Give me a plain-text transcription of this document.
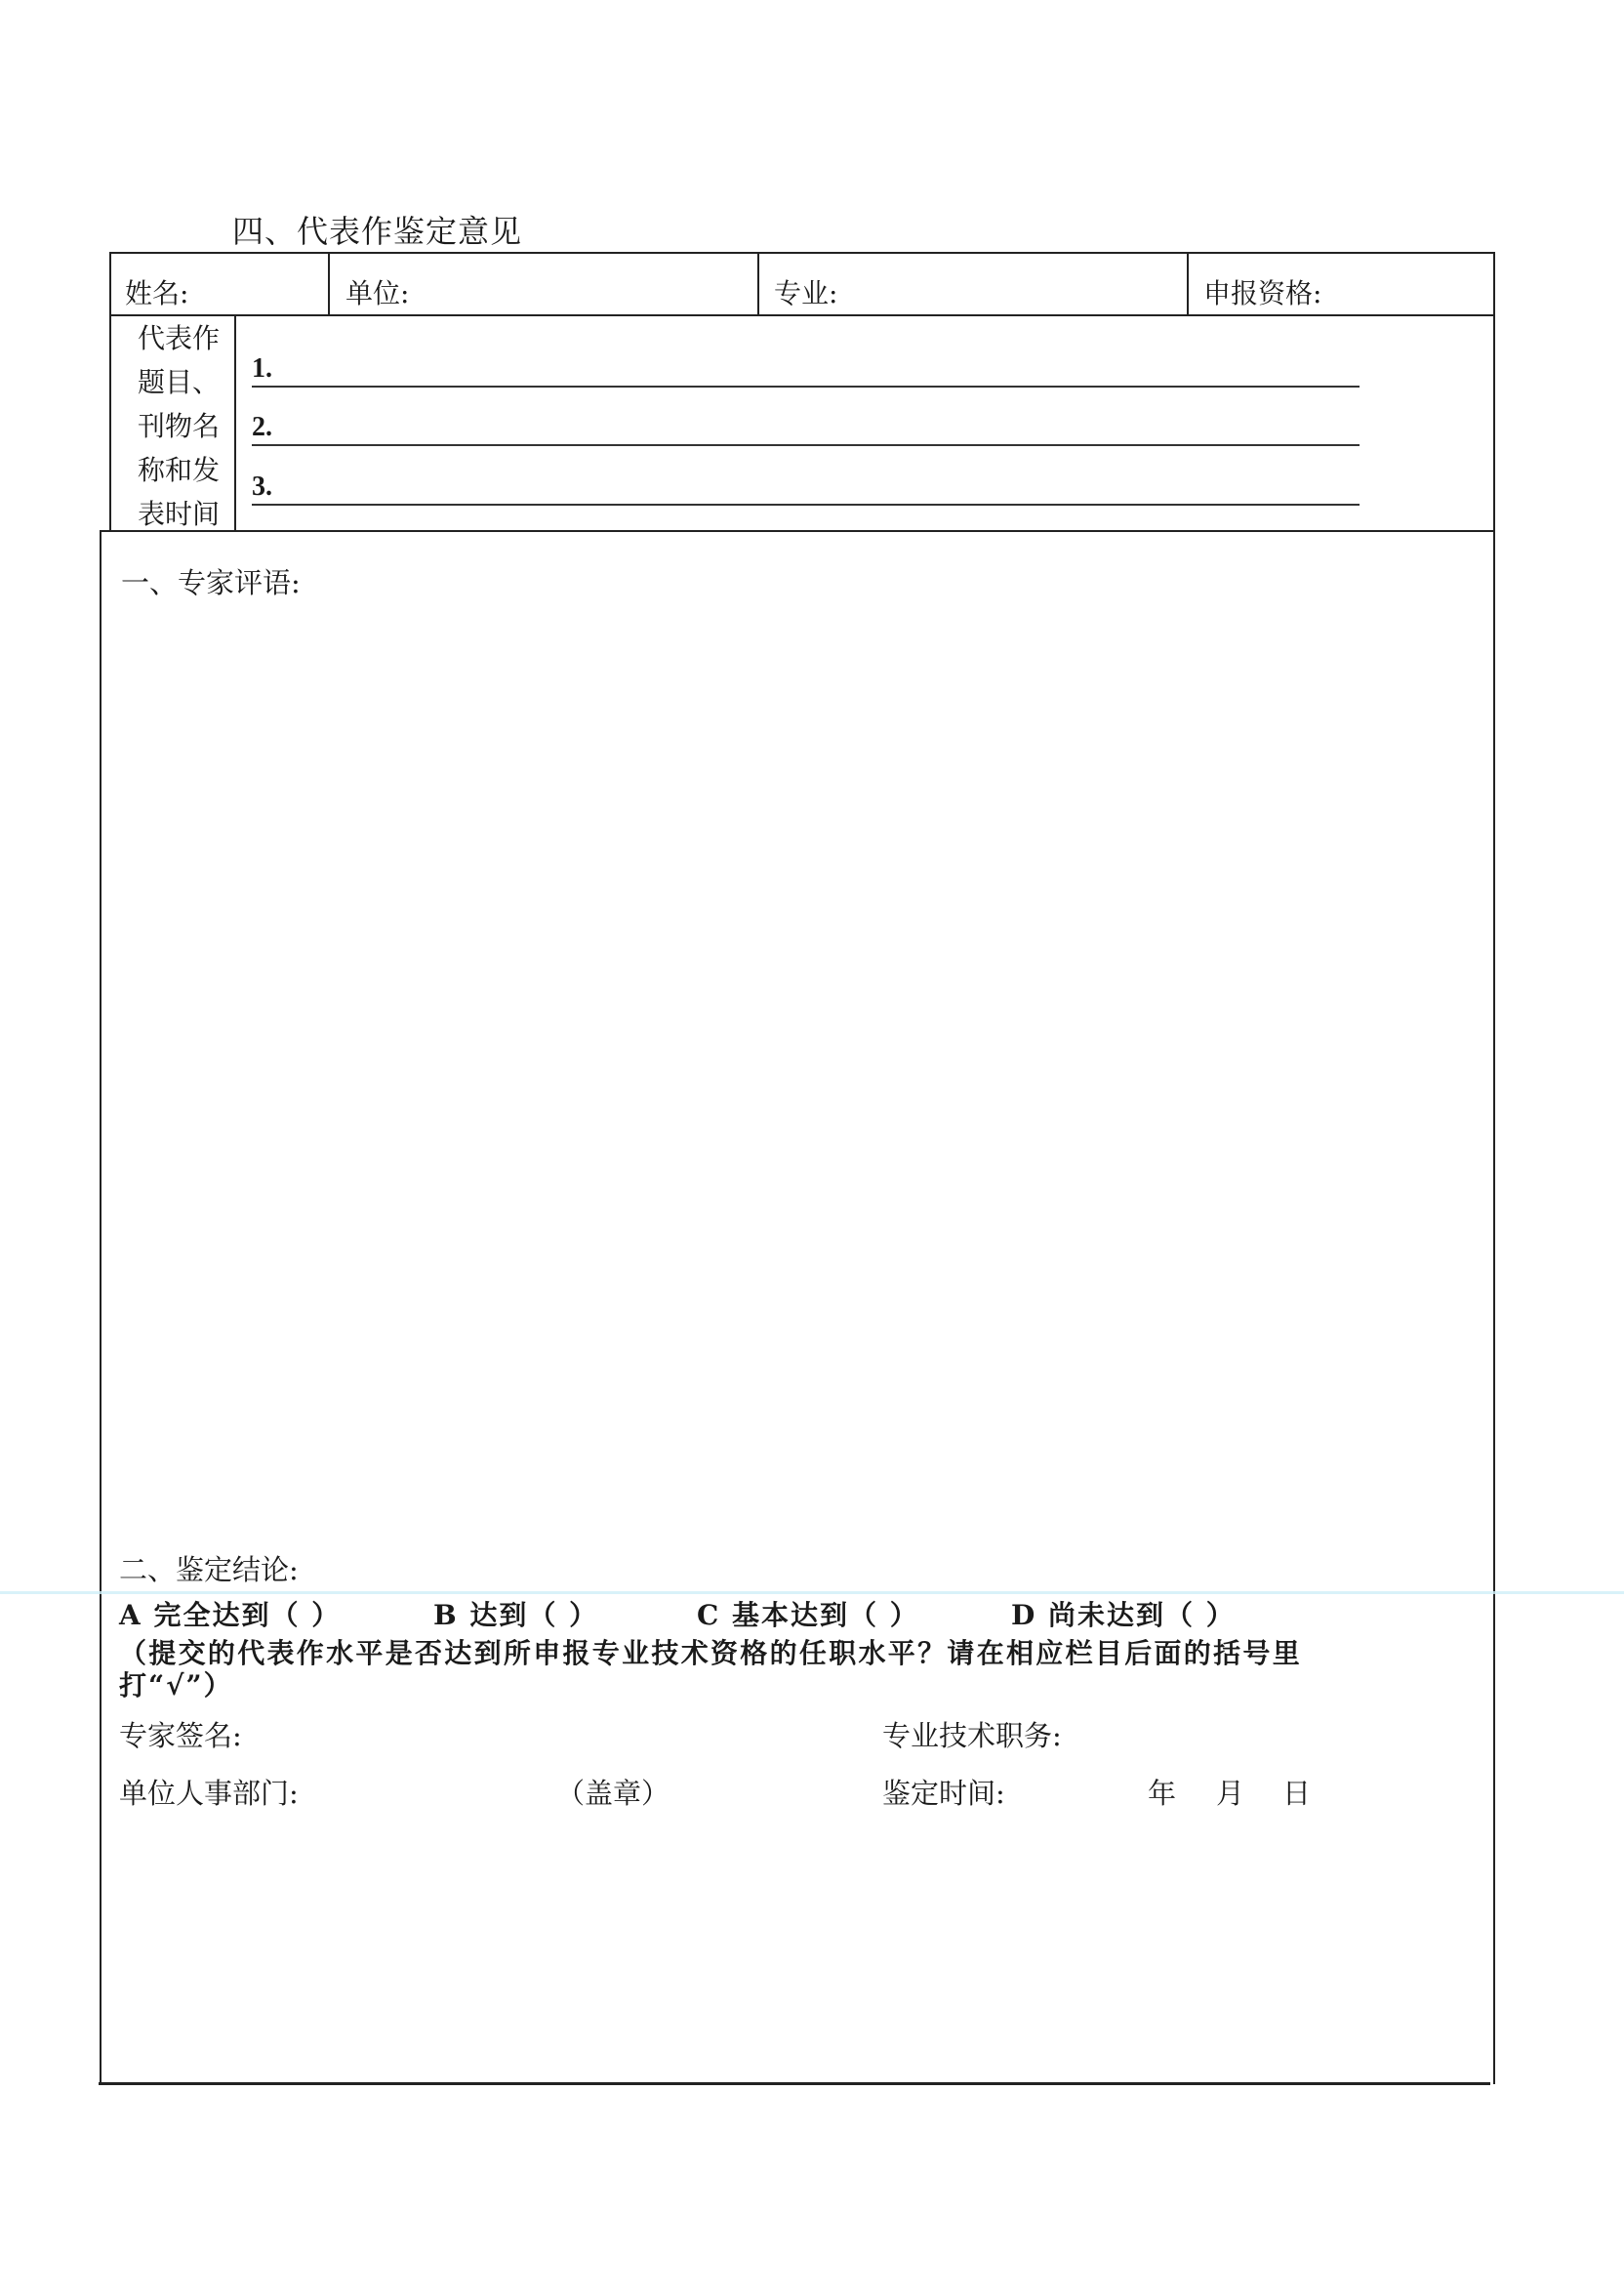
四、代表作鉴定意见
姓名:	单位:	专业:	申报资格:
代表作
题目、
刊物名
称和发
表时间
1.
2.
3.
一、专家评语:
二、鉴定结论:
A 完全达到（ ）	B 达到（ ）	C 基本达到（ ）	D 尚未达到（ ）
（提交的代表作水平是否达到所申报专业技术资格的任职水平？请在相应栏目后面的括号里
打“√”）
专家签名:	专业技术职务:
单位人事部门:	（盖章）	鉴定时间:	年 月 日
